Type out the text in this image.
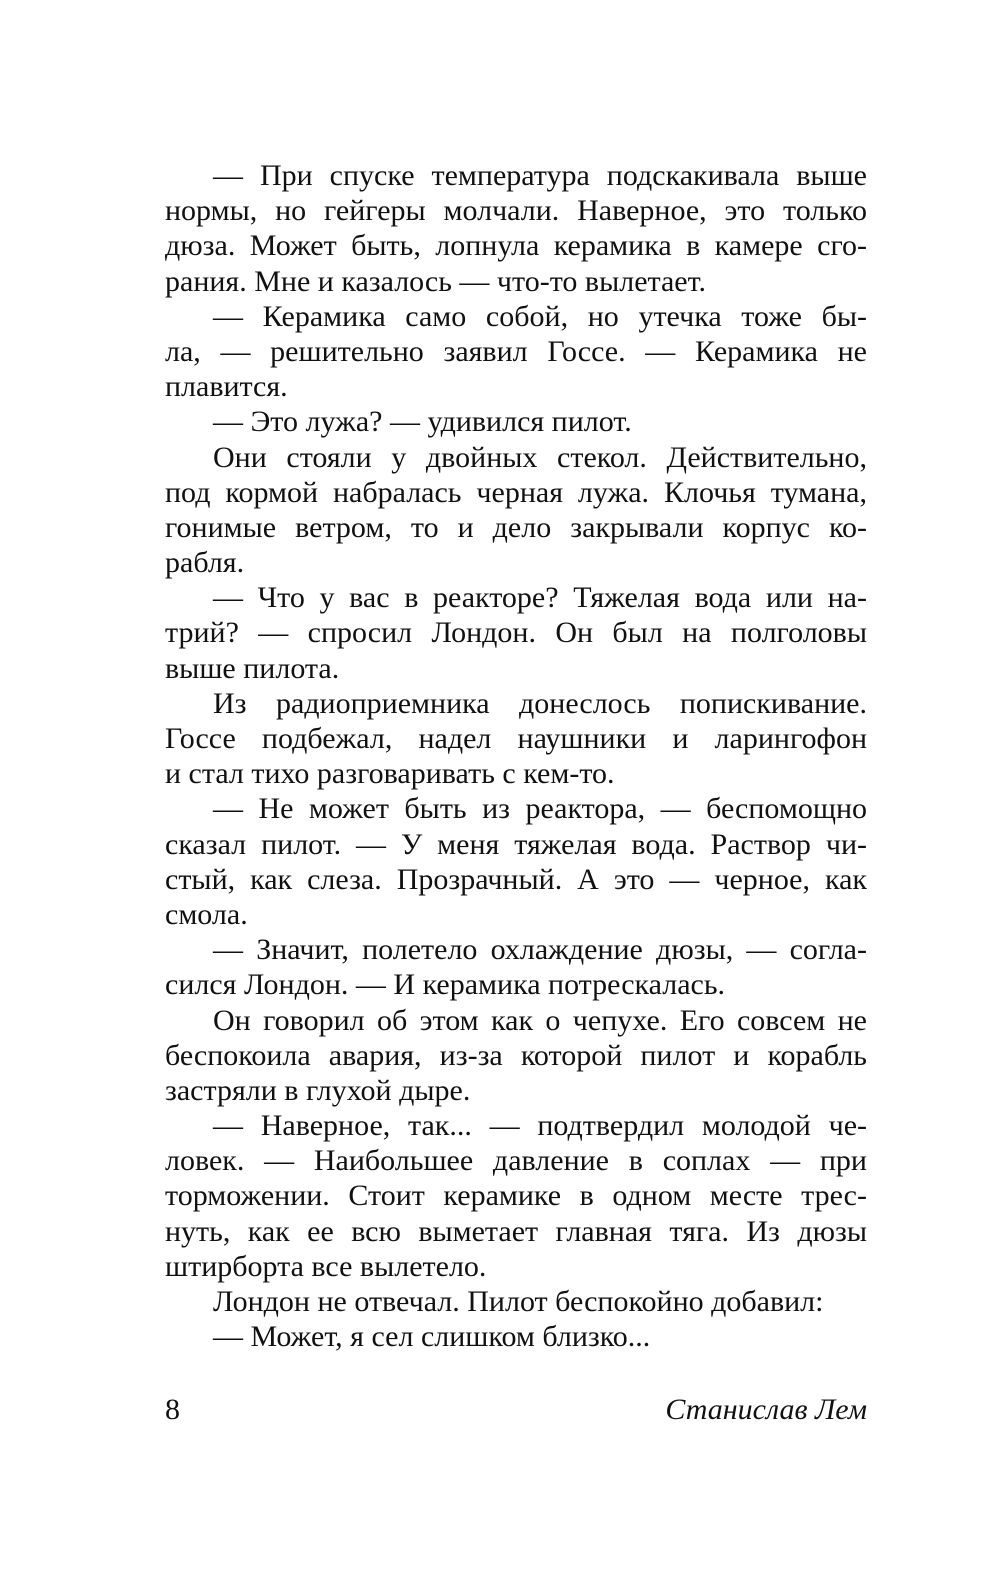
— При спуске температура подскакивала выше
нормы, но гейгеры молчали. Наверное, это только
дюза. Может быть, лопнула керамика в камере сго-
рания. Мне и казалось — что-то вылетает.
— Керамика само собой, но утечка тоже бы-
ла, — решительно заявил Госсе. — Керамика не
плавится.
— Это лужа? — удивился пилот.
Они стояли у двойных стекол. Действительно,
под кормой набралась черная лужа. Клочья тумана,
гонимые ветром, то и дело закрывали корпус ко-
рабля.
— Что у вас в реакторе? Тяжелая вода или на-
трий? — спросил Лондон. Он был на полголовы
выше пилота.
Из радиоприемника донеслось попискивание.
Госсе подбежал, надел наушники и ларингофон
и стал тихо разговаривать с кем-то.
— Не может быть из реактора, — беспомощно
сказал пилот. — У меня тяжелая вода. Раствор чи-
стый, как слеза. Прозрачный. А это — черное, как
смола.
— Значит, полетело охлаждение дюзы, — согла-
сился Лондон. — И керамика потрескалась.
Он говорил об этом как о чепухе. Его совсем не
беспокоила авария, из-за которой пилот и корабль
застряли в глухой дыре.
— Наверное, так... — подтвердил молодой че-
ловек. — Наибольшее давление в соплах — при
торможении. Стоит керамике в одном месте трес-
нуть, как ее всю выметает главная тяга. Из дюзы
штирборта все вылетело.
Лондон не отвечал. Пилот беспокойно добавил:
— Может, я сел слишком близко...
8	Станислав Лем
